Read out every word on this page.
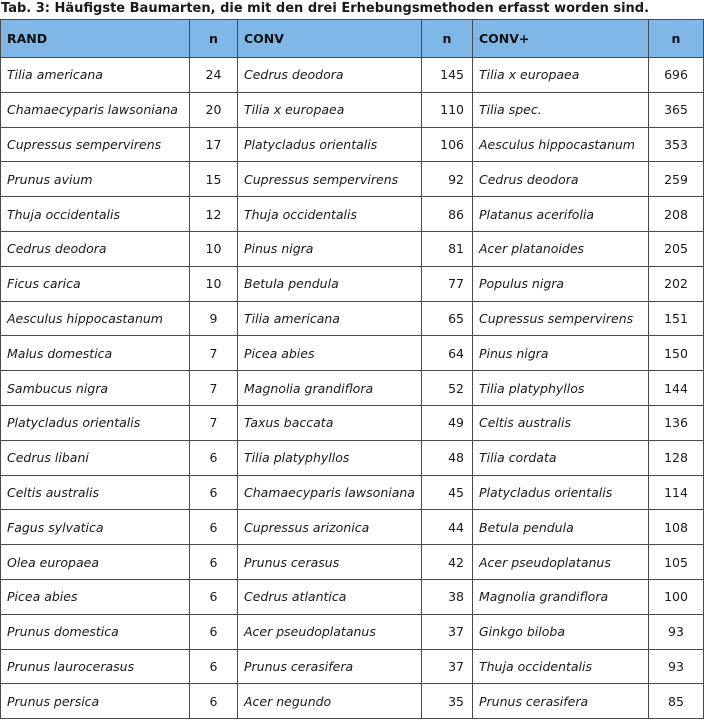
Tab. 3: Häufigste Baumarten, die mit den drei Erhebungsmethoden erfasst worden sind.
RAND	n	CONV	n	CONV+	n
Tilia americana	24	Cedrus deodora	145	Tilia x europaea	696
Chamaecyparis lawsoniana	20	Tilia x europaea	110	Tilia spec.	365
Cupressus sempervirens	17	Platycladus orientalis	106	Aesculus hippocastanum	353
Prunus avium	15	Cupressus sempervirens	92	Cedrus deodora	259
Thuja occidentalis	12	Thuja occidentalis	86	Platanus acerifolia	208
Cedrus deodora	10	Pinus nigra	81	Acer platanoides	205
Ficus carica	10	Betula pendula	77	Populus nigra	202
Aesculus hippocastanum	9	Tilia americana	65	Cupressus sempervirens	151
Malus domestica	7	Picea abies	64	Pinus nigra	150
Sambucus nigra	7	Magnolia grandiflora	52	Tilia platyphyllos	144
Platycladus orientalis	7	Taxus baccata	49	Celtis australis	136
Cedrus libani	6	Tilia platyphyllos	48	Tilia cordata	128
Celtis australis	6	Chamaecyparis lawsoniana	45	Platycladus orientalis	114
Fagus sylvatica	6	Cupressus arizonica	44	Betula pendula	108
Olea europaea	6	Prunus cerasus	42	Acer pseudoplatanus	105
Picea abies	6	Cedrus atlantica	38	Magnolia grandiflora	100
Prunus domestica	6	Acer pseudoplatanus	37	Ginkgo biloba	93
Prunus laurocerasus	6	Prunus cerasifera	37	Thuja occidentalis	93
Prunus persica	6	Acer negundo	35	Prunus cerasifera	85
